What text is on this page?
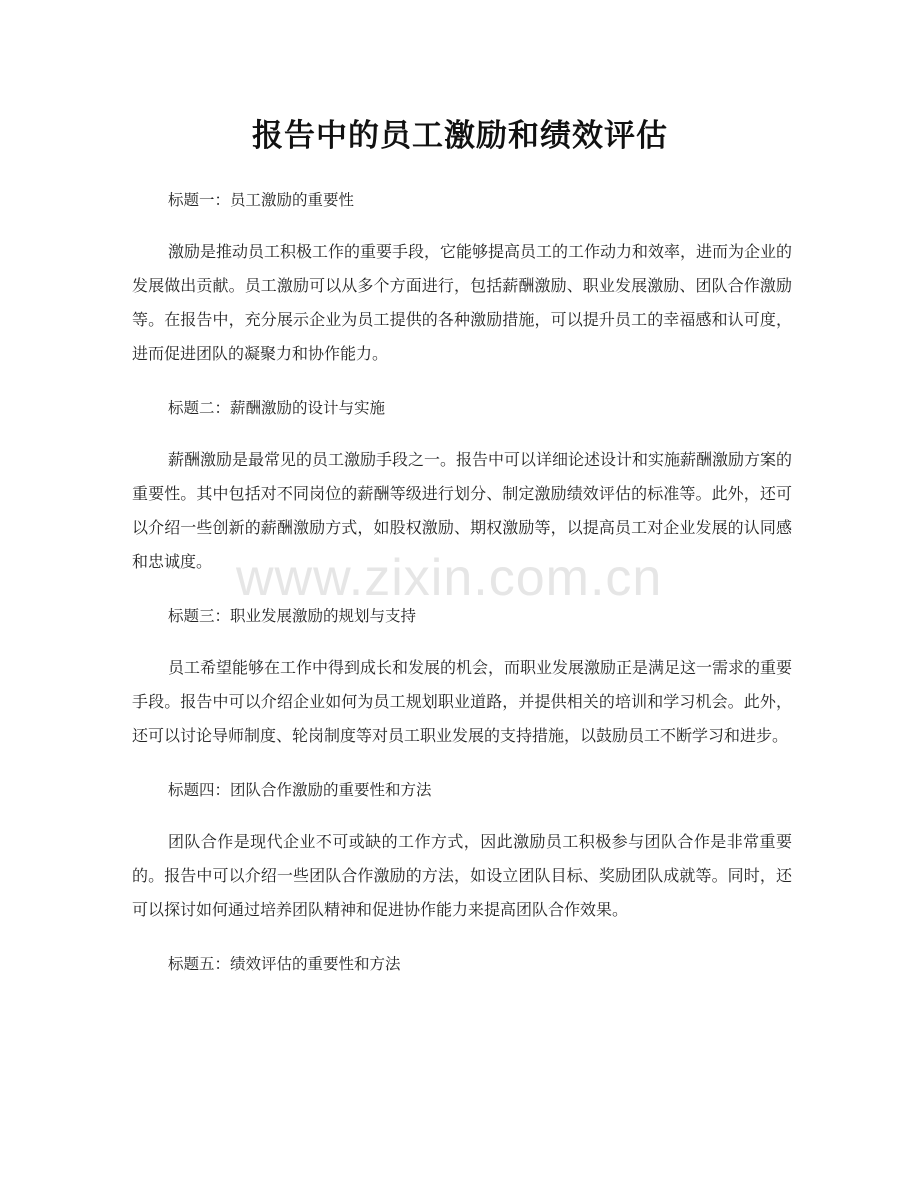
报告中的员工激励和绩效评估
www.zixin.com.cn

标题一：员工激励的重要性

激励是推动员工积极工作的重要手段，它能够提高员工的工作动力和效率，进而为企业的发展做出贡献。员工激励可以从多个方面进行，包括薪酬激励、职业发展激励、团队合作激励等。在报告中，充分展示企业为员工提供的各种激励措施，可以提升员工的幸福感和认可度，进而促进团队的凝聚力和协作能力。

标题二：薪酬激励的设计与实施

薪酬激励是最常见的员工激励手段之一。报告中可以详细论述设计和实施薪酬激励方案的重要性。其中包括对不同岗位的薪酬等级进行划分、制定激励绩效评估的标准等。此外，还可以介绍一些创新的薪酬激励方式，如股权激励、期权激励等，以提高员工对企业发展的认同感和忠诚度。

标题三：职业发展激励的规划与支持

员工希望能够在工作中得到成长和发展的机会，而职业发展激励正是满足这一需求的重要手段。报告中可以介绍企业如何为员工规划职业道路，并提供相关的培训和学习机会。此外，还可以讨论导师制度、轮岗制度等对员工职业发展的支持措施，以鼓励员工不断学习和进步。

标题四：团队合作激励的重要性和方法

团队合作是现代企业不可或缺的工作方式，因此激励员工积极参与团队合作是非常重要的。报告中可以介绍一些团队合作激励的方法，如设立团队目标、奖励团队成就等。同时，还可以探讨如何通过培养团队精神和促进协作能力来提高团队合作效果。

标题五：绩效评估的重要性和方法
